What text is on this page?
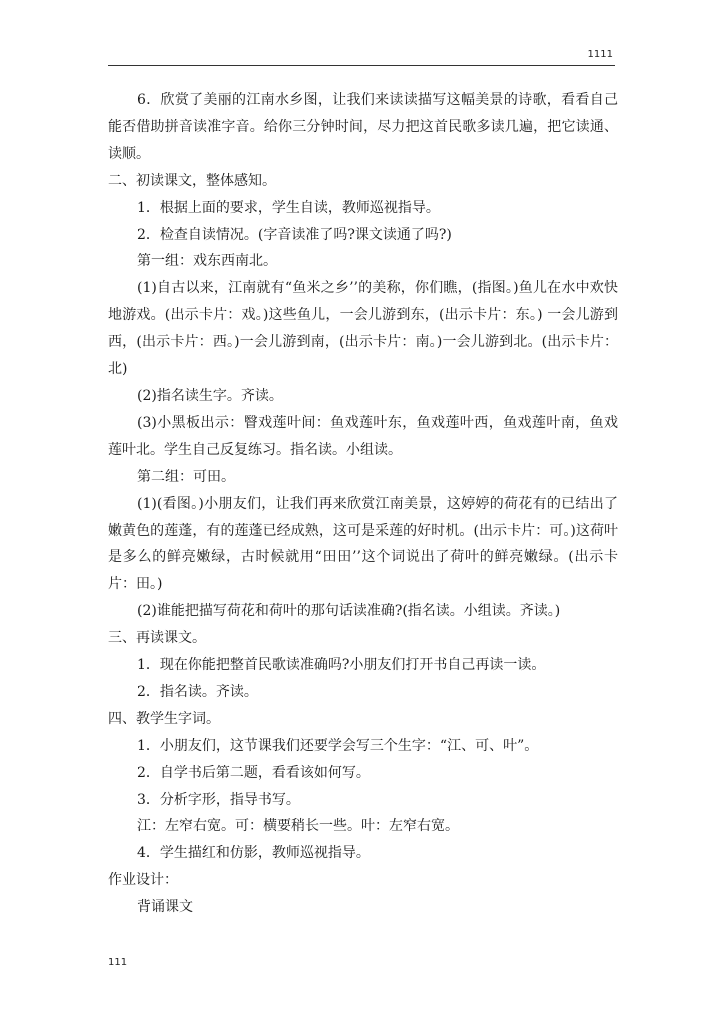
1111

6．欣赏了美丽的江南水乡图，让我们来读读描写这幅美景的诗歌，看看自己能否借助拼音读准字音。给你三分钟时间，尽力把这首民歌多读几遍，把它读通、读顺。

二、初读课文，整体感知。

1．根据上面的要求，学生自读，教师巡视指导。

2．检查自读情况。(字音读准了吗?课文读通了吗?)

第一组：戏东西南北。

(1)自古以来，江南就有“鱼米之乡’’的美称，你们瞧，(指图。)鱼儿在水中欢快地游戏。(出示卡片：戏。)这些鱼儿，一会儿游到东，(出示卡片：东。) 一会儿游到西，(出示卡片：西。)一会儿游到南，(出示卡片：南。)一会儿游到北。(出示卡片：北)

(2)指名读生字。齐读。

(3)小黑板出示：瞖戏莲叶间：鱼戏莲叶东，鱼戏莲叶西，鱼戏莲叶南，鱼戏莲叶北。学生自己反复练习。指名读。小组读。

第二组：可田。

(1)(看图。)小朋友们，让我们再来欣赏江南美景，这婷婷的荷花有的已结出了嫩黄色的莲蓬，有的莲蓬已经成熟，这可是采莲的好时机。(出示卡片：可。)这荷叶是多么的鲜亮嫩绿，古时候就用“田田’’这个词说出了荷叶的鲜亮嫩绿。(出示卡片：田。)

(2)谁能把描写荷花和荷叶的那句话读准确?(指名读。小组读。齐读。)

三、再读课文。

1．现在你能把整首民歌读准确吗?小朋友们打开书自己再读一读。

2．指名读。齐读。

四、教学生字词。

1．小朋友们，这节课我们还要学会写三个生字：“江、可、叶”。

2．自学书后第二题，看看该如何写。

3．分析字形，指导书写。

江：左窄右宽。可：横要稍长一些。叶：左窄右宽。

4．学生描红和仿影，教师巡视指导。

作业设计：

背诵课文

111
